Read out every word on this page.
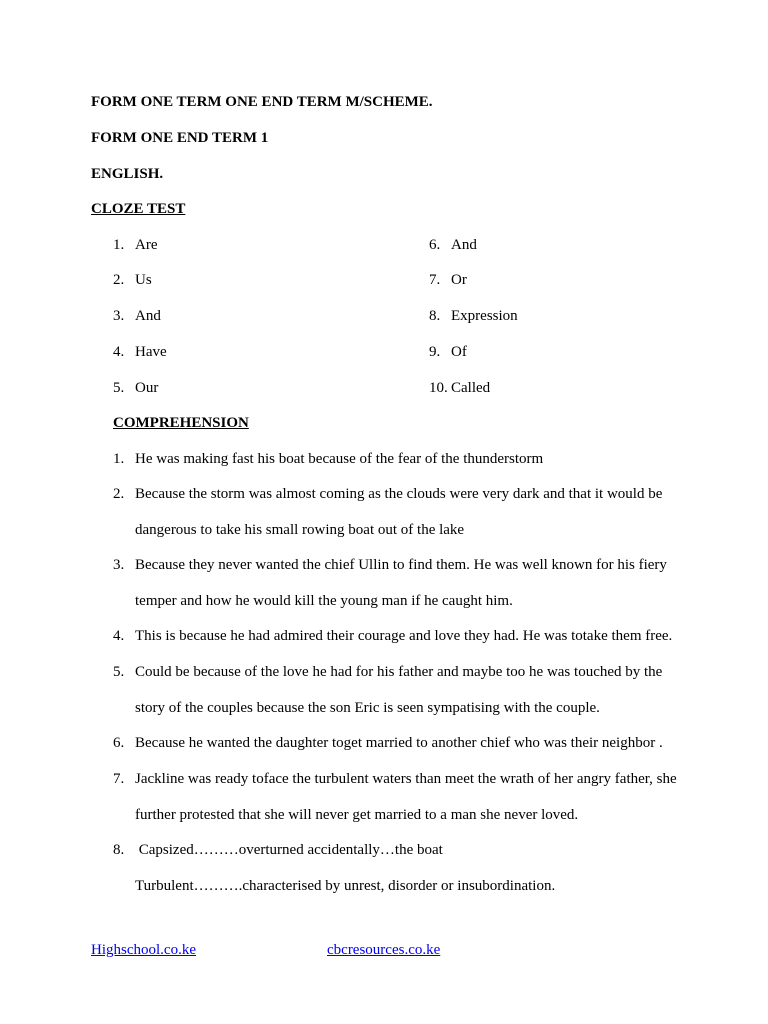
FORM ONE TERM ONE END TERM M/SCHEME.
FORM ONE END TERM 1
ENGLISH.
CLOZE TEST
1. Are
2. Us
3. And
4. Have
5. Our
6. And
7. Or
8. Expression
9. Of
10. Called
COMPREHENSION
1. He was making fast his boat because of the fear of the thunderstorm
2. Because the storm was almost coming as the clouds were very dark and that it would be dangerous to take his small rowing boat out of the lake
3. Because they never wanted the chief Ullin to find them. He was well known for his fiery temper and how he would kill the young man if he caught him.
4. This is because he had admired their courage and love they had. He was totake them free.
5. Could be because of the love he had for his father and maybe too he was touched by the story of the couples because the son Eric is seen sympatising with the couple.
6. Because he wanted the daughter toget married to another chief who was their neighbor .
7. Jackline was ready toface the turbulent waters than meet the wrath of her angry father, she further protested that she will never get married to a man she never loved.
8. Capsized………overturned accidentally…the boat
Turbulent……….characterised by unrest, disorder or insubordination.
Highschool.co.ke	cbcresources.co.ke
